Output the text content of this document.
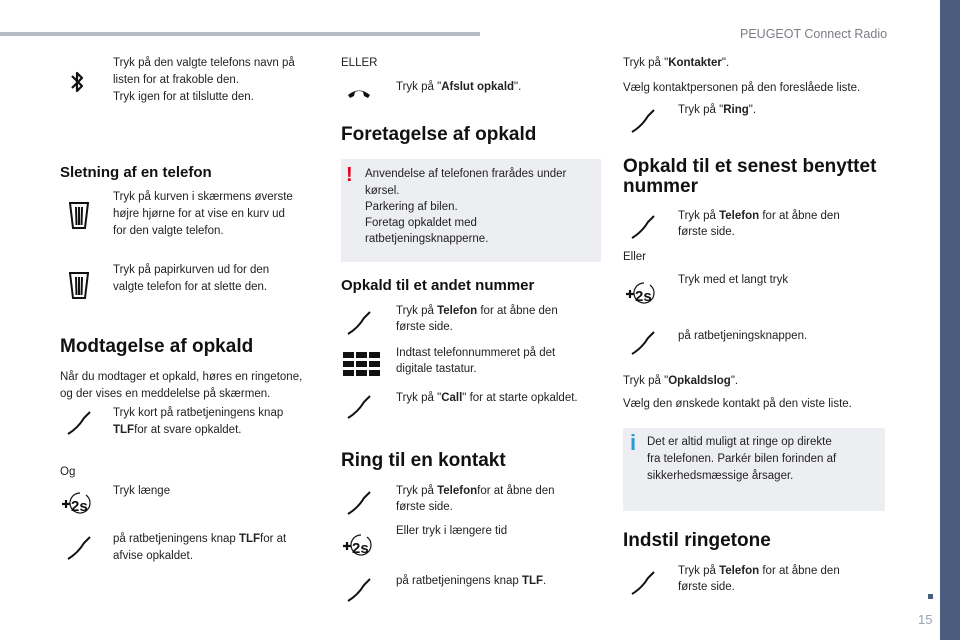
PEUGEOT Connect Radio
15
Tryk på den valgte telefons navn på
listen for at frakoble den.
Tryk igen for at tilslutte den.
Sletning af en telefon
Tryk på kurven i skærmens øverste
højre hjørne for at vise en kurv ud
for den valgte telefon.
Tryk på papirkurven ud for den
valgte telefon for at slette den.
Modtagelse af opkald
Når du modtager et opkald, høres en ringetone,
og der vises en meddelelse på skærmen.
Tryk kort på ratbetjeningens knap
TLFfor at svare opkaldet.
Og
2s
Tryk længe
på ratbetjeningens knap TLFfor at
afvise opkaldet.
ELLER
Tryk på "Afslut opkald".
Foretagelse af opkald
! Anvendelse af telefonen frarådes under
kørsel.
Parkering af bilen.
Foretag opkaldet med
ratbetjeningsknapperne.
Opkald til et andet nummer
Tryk på Telefon for at åbne den
første side.
Indtast telefonnummeret på det
digitale tastatur.
Tryk på "Call" for at starte opkaldet.
Ring til en kontakt
Tryk på Telefonfor at åbne den
første side.
2s
Eller tryk i længere tid
på ratbetjeningens knap TLF.
Tryk på "Kontakter".
Vælg kontaktpersonen på den foreslåede liste.
Tryk på "Ring".
Opkald til et senest benyttet
nummer
Tryk på Telefon for at åbne den
første side.
Eller
2s
Tryk med et langt tryk
på ratbetjeningsknappen.
Tryk på "Opkaldslog".
Vælg den ønskede kontakt på den viste liste.
i Det er altid muligt at ringe op direkte
fra telefonen. Parkér bilen forinden af
sikkerhedsmæssige årsager.
Indstil ringetone
Tryk på Telefon for at åbne den
første side.
